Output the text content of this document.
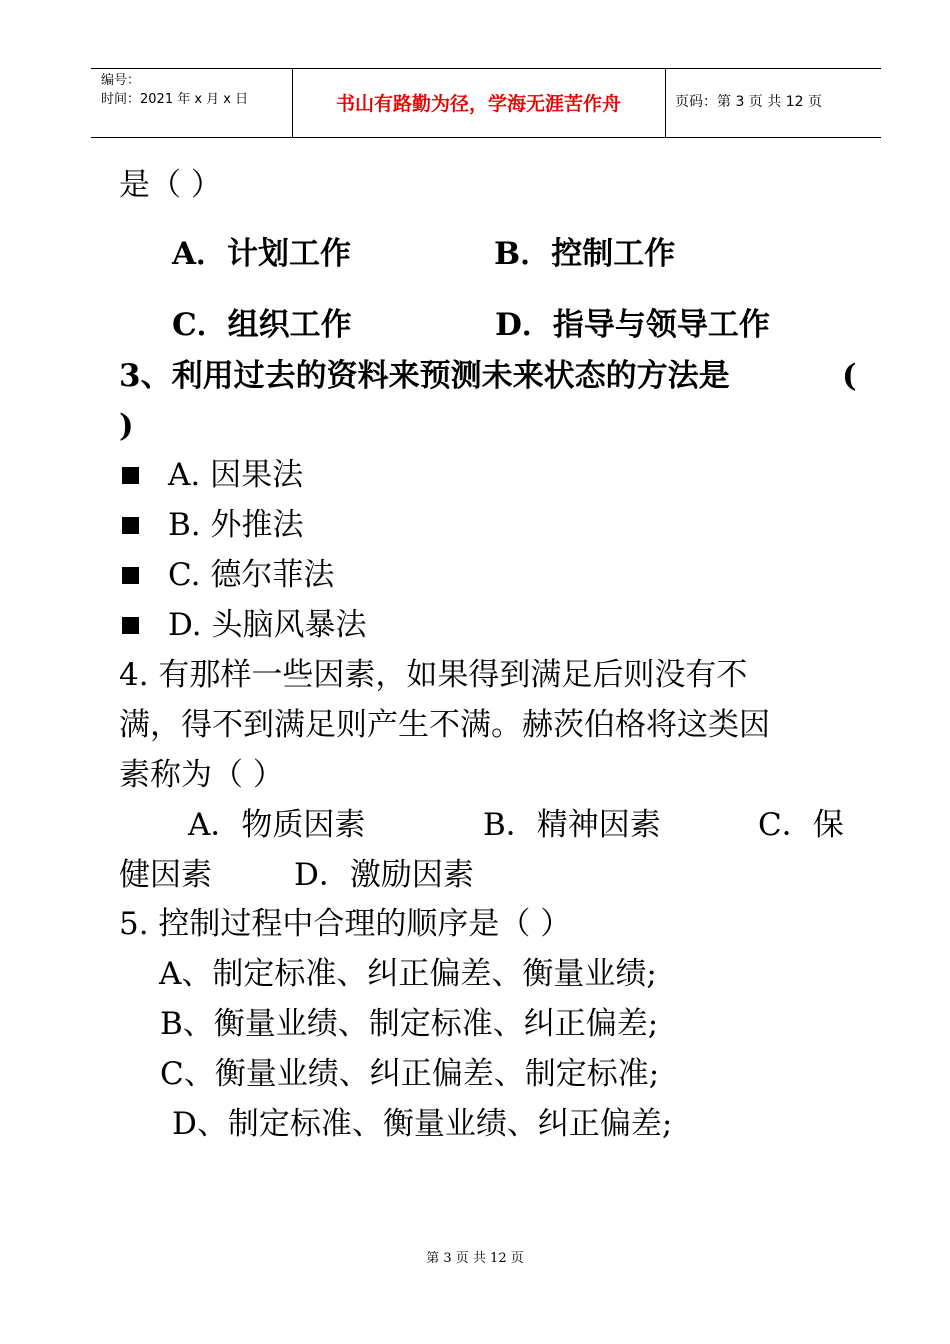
编号：
时间：2021 年 x 月 x 日	书山有路勤为径，学海无涯苦作舟	页码：第 3 页 共 12 页
是（ ）
A．计划工作	B．控制工作
C．组织工作	D．指导与领导工作
3、利用过去的资料来预测未来状态的方法是	(
)
A. 因果法
B. 外推法
C. 德尔菲法
D. 头脑风暴法
4. 有那样一些因素，如果得到满足后则没有不
满，得不到满足则产生不满。赫茨伯格将这类因
素称为（ ）
A．物质因素	B．精神因素	C．保
健因素	D．激励因素
5. 控制过程中合理的顺序是（ ）
A、制定标准、纠正偏差、衡量业绩;
B、衡量业绩、制定标准、纠正偏差;
C、衡量业绩、纠正偏差、制定标准;
D、制定标准、衡量业绩、纠正偏差;
第 3 页 共 12 页
